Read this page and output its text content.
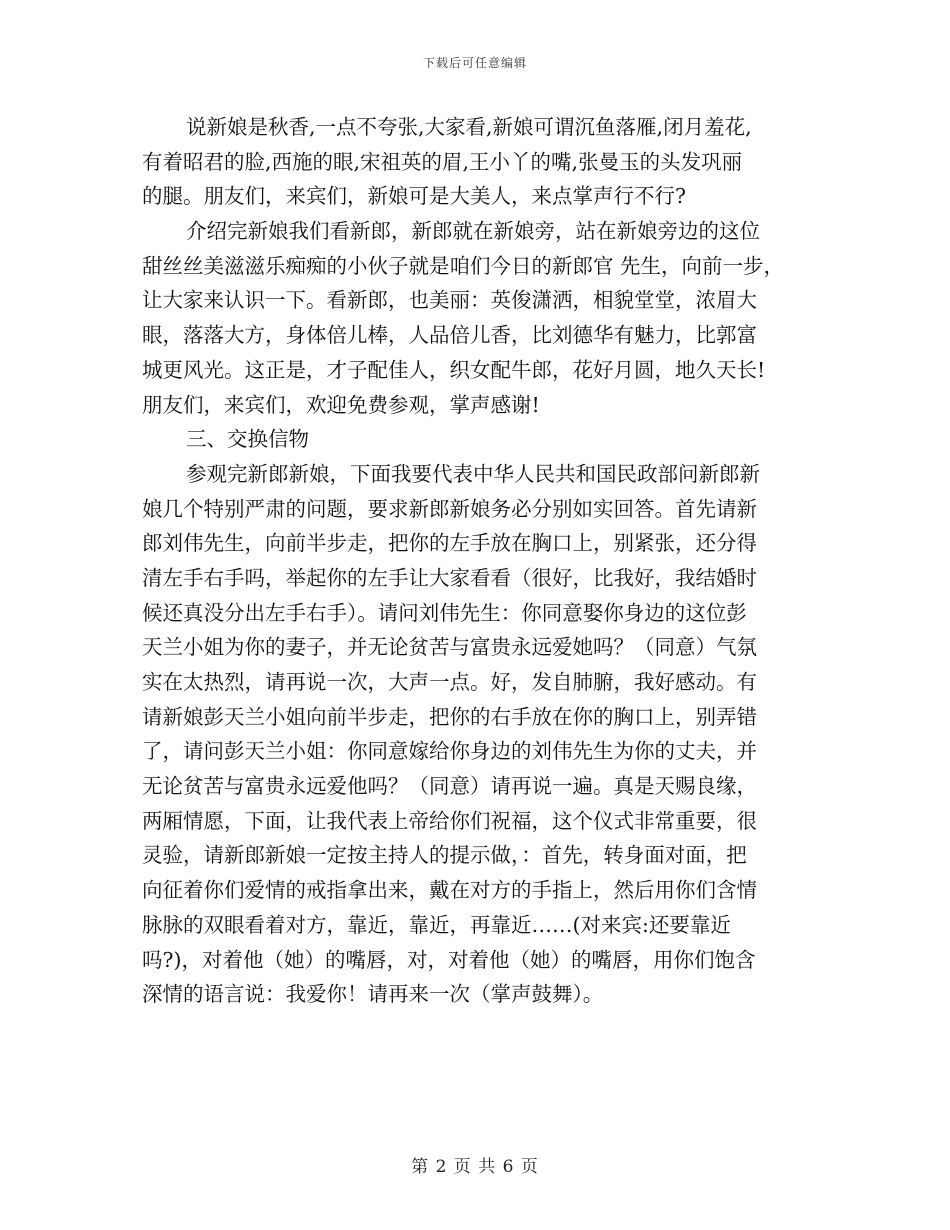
下载后可任意编辑
说新娘是秋香,一点不夸张,大家看,新娘可谓沉鱼落雁,闭月羞花,
有着昭君的脸,西施的眼,宋祖英的眉,王小丫的嘴,张曼玉的头发巩丽
的腿。朋友们，来宾们，新娘可是大美人，来点掌声行不行?
介绍完新娘我们看新郎，新郎就在新娘旁，站在新娘旁边的这位
甜丝丝美滋滋乐痴痴的小伙子就是咱们今日的新郎官 先生，向前一步，
让大家来认识一下。看新郎，也美丽：英俊潇洒，相貌堂堂，浓眉大
眼，落落大方，身体倍儿棒，人品倍儿香，比刘德华有魅力，比郭富
城更风光。这正是，才子配佳人，织女配牛郎，花好月圆，地久天长!
朋友们，来宾们，欢迎免费参观，掌声感谢!
三、交换信物
参观完新郎新娘，下面我要代表中华人民共和国民政部问新郎新
娘几个特别严肃的问题，要求新郎新娘务必分别如实回答。首先请新
郎刘伟先生，向前半步走，把你的左手放在胸口上，别紧张，还分得
清左手右手吗，举起你的左手让大家看看（很好，比我好，我结婚时
候还真没分出左手右手）。请问刘伟先生：你同意娶你身边的这位彭
天兰小姐为你的妻子，并无论贫苦与富贵永远爱她吗？（同意）气氛
实在太热烈，请再说一次，大声一点。好，发自肺腑，我好感动。有
请新娘彭天兰小姐向前半步走，把你的右手放在你的胸口上，别弄错
了，请问彭天兰小姐：你同意嫁给你身边的刘伟先生为你的丈夫，并
无论贫苦与富贵永远爱他吗？（同意）请再说一遍。真是天赐良缘，
两厢情愿，下面，让我代表上帝给你们祝福，这个仪式非常重要，很
灵验，请新郎新娘一定按主持人的提示做，：首先，转身面对面，把
向征着你们爱情的戒指拿出来，戴在对方的手指上，然后用你们含情
脉脉的双眼看着对方，靠近，靠近，再靠近……(对来宾:还要靠近
吗?)，对着他（她）的嘴唇，对，对着他（她）的嘴唇，用你们饱含
深情的语言说：我爱你！请再来一次（掌声鼓舞）。
第 2 页 共 6 页
